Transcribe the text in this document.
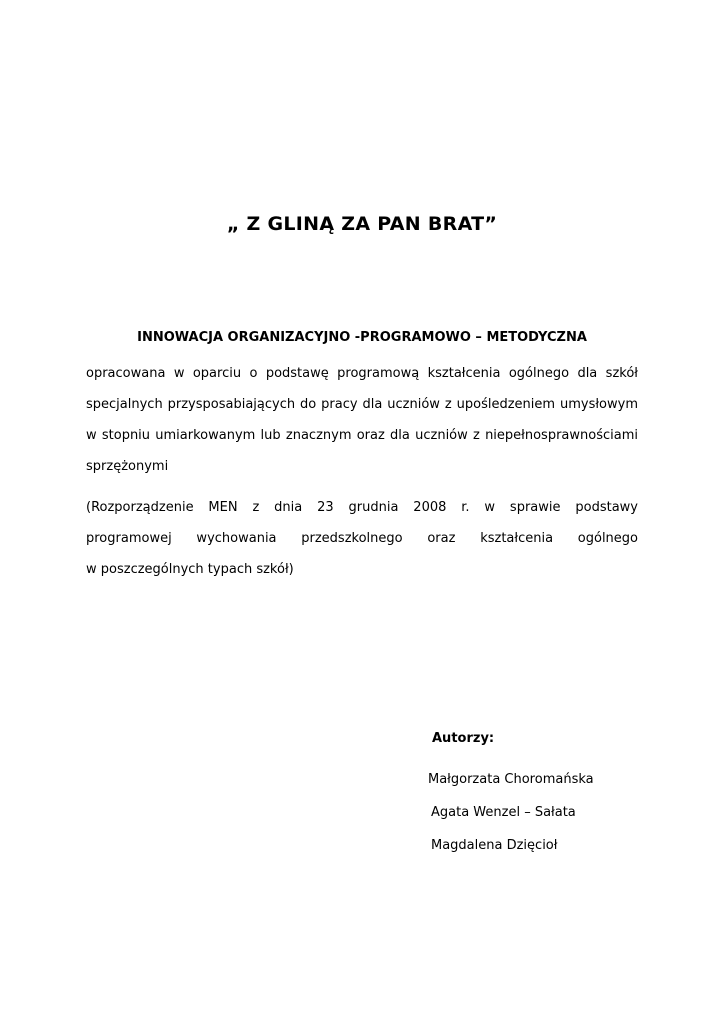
„ Z GLINĄ ZA PAN BRAT”
INNOWACJA ORGANIZACYJNO -PROGRAMOWO – METODYCZNA
opracowana w oparciu o podstawę programową kształcenia ogólnego dla szkół
specjalnych przysposabiających do pracy dla uczniów z upośledzeniem umysłowym
w stopniu umiarkowanym lub znacznym oraz dla uczniów z niepełnosprawnościami
sprzężonymi
(Rozporządzenie MEN z dnia 23 grudnia 2008 r. w sprawie podstawy
programowej wychowania przedszkolnego oraz kształcenia ogólnego
w poszczególnych typach szkół)
Autorzy:
Małgorzata Choromańska
Agata Wenzel – Sałata
Magdalena Dzięcioł
